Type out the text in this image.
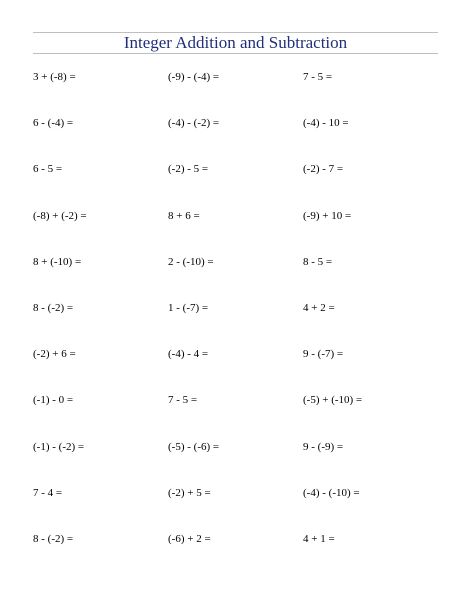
Integer Addition and Subtraction
3 + (-8) =	(-9) - (-4) =	7 - 5 =
6 - (-4) =	(-4) - (-2) =	(-4) - 10 =
6 - 5 =	(-2) - 5 =	(-2) - 7 =
(-8) + (-2) =	8 + 6 =	(-9) + 10 =
8 + (-10) =	2 - (-10) =	8 - 5 =
8 - (-2) =	1 - (-7) =	4 + 2 =
(-2) + 6 =	(-4) - 4 =	9 - (-7) =
(-1) - 0 =	7 - 5 =	(-5) + (-10) =
(-1) - (-2) =	(-5) - (-6) =	9 - (-9) =
7 - 4 =	(-2) + 5 =	(-4) - (-10) =
8 - (-2) =	(-6) + 2 =	4 + 1 =
